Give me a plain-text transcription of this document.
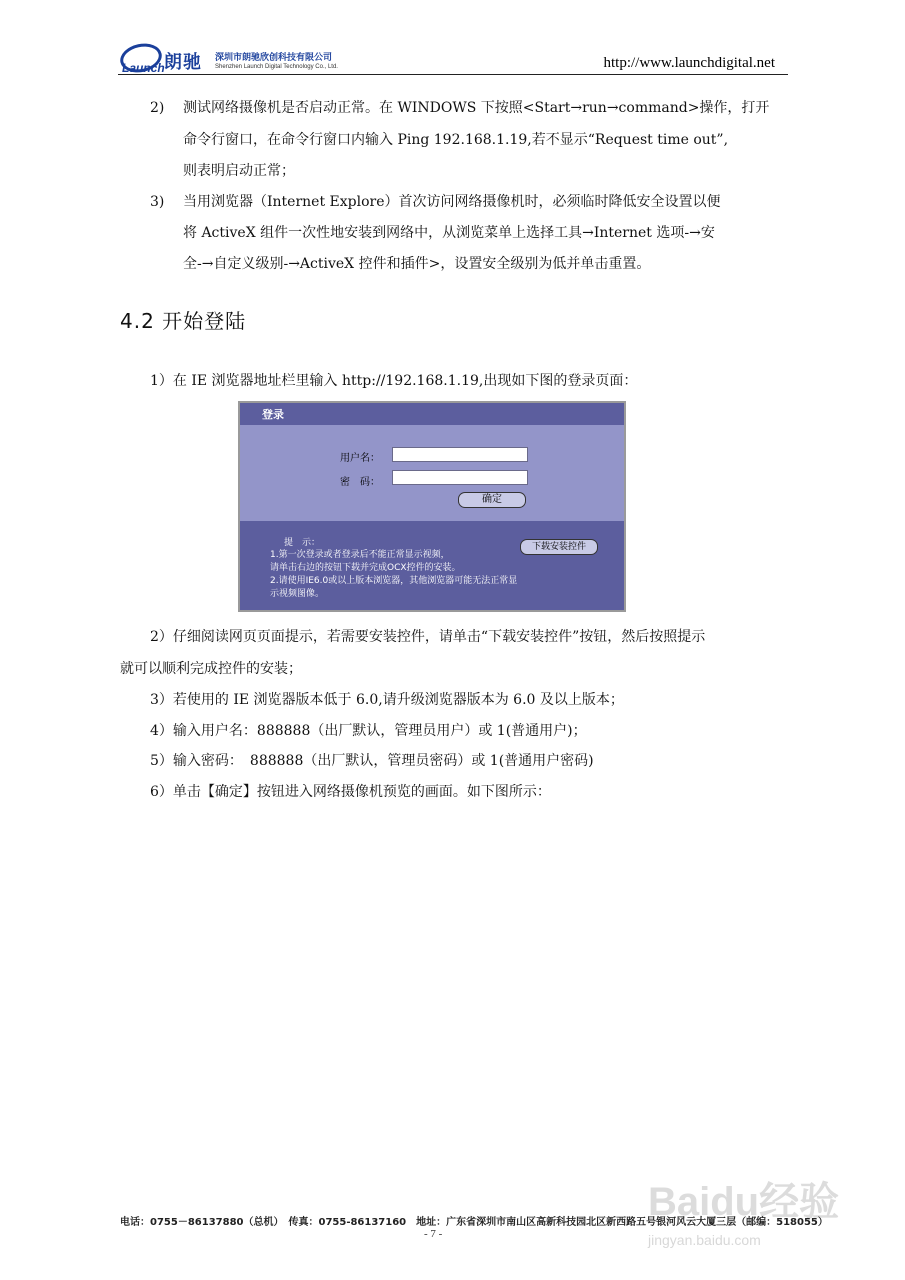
Launch 朗驰 深圳市朗驰欣创科技有限公司
Shenzhen Launch Digital Technology Co., Ltd.	http://www.launchdigital.net
2) 测试网络摄像机是否启动正常。在 WINDOWS 下按照<Start→run→command>操作，打开
命令行窗口，在命令行窗口内输入 Ping 192.168.1.19,若不显示“Request time out”,
则表明启动正常；
3) 当用浏览器（Internet Explore）首次访问网络摄像机时，必须临时降低安全设置以便
将 ActiveX 组件一次性地安装到网络中，从浏览菜单上选择工具→Internet 选项-→安
全-→自定义级别-→ActiveX 控件和插件>，设置安全级别为低并单击重置。
4.2 开始登陆
1）在 IE 浏览器地址栏里输入 http://192.168.1.19,出现如下图的登录页面：
登录
用户名：
密　码：
确定
提　示：
1.第一次登录或者登录后不能正常显示视频，
请单击右边的按钮下载并完成OCX控件的安装。
2.请使用IE6.0或以上版本浏览器，其他浏览器可能无法正常显
示视频图像。
下载安装控件
2）仔细阅读网页页面提示，若需要安装控件，请单击“下载安装控件”按钮，然后按照提示
就可以顺利完成控件的安装；
3）若使用的 IE 浏览器版本低于 6.0,请升级浏览器版本为 6.0 及以上版本；
4）输入用户名：888888（出厂默认，管理员用户）或 1(普通用户)；
5）输入密码：　888888（出厂默认，管理员密码）或 1(普通用户密码)
6）单击【确定】按钮进入网络摄像机预览的画面。如下图所示：
Baidu经验
jingyan.baidu.com
电话：0755－86137880（总机）　传真：0755-86137160　地址：广东省深圳市南山区高新科技园北区新西路五号银河风云大厦三层（邮编：518055）
- 7 -
